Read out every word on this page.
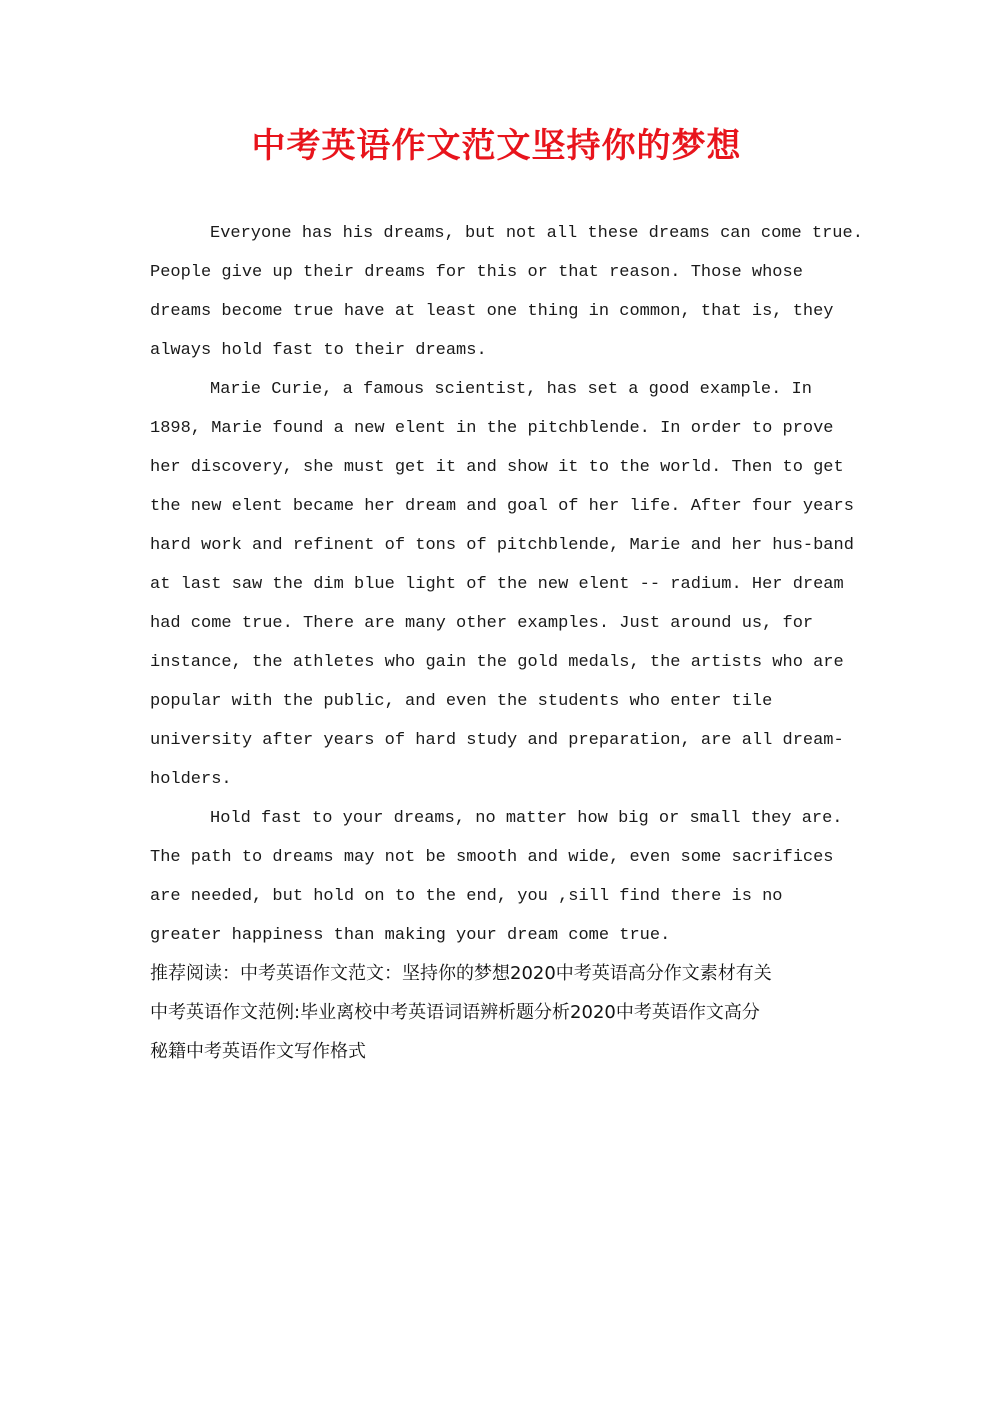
中考英语作文范文坚持你的梦想
Everyone has his dreams, but not all these dreams can come true.
People give up their dreams for this or that reason. Those whose
dreams become true have at least one thing in common, that is, they
always hold fast to their dreams.
Marie Curie, a famous scientist, has set a good example. In
1898, Marie found a new elent in the pitchblende. In order to prove
her discovery, she must get it and show it to the world. Then to get
the new elent became her dream and goal of her life. After four years
hard work and refinent of tons of pitchblende, Marie and her hus-band
at last saw the dim blue light of the new elent -- radium. Her dream
had come true. There are many other examples. Just around us, for
instance, the athletes who gain the gold medals, the artists who are
popular with the public, and even the students who enter tile
university after years of hard study and preparation, are all dream-
holders.
Hold fast to your dreams, no matter how big or small they are.
The path to dreams may not be smooth and wide, even some sacrifices
are needed, but hold on to the end, you ,sill find there is no
greater happiness than making your dream come true.
推荐阅读：中考英语作文范文：坚持你的梦想2020中考英语高分作文素材有关
中考英语作文范例:毕业离校中考英语词语辨析题分析2020中考英语作文高分
秘籍中考英语作文写作格式
